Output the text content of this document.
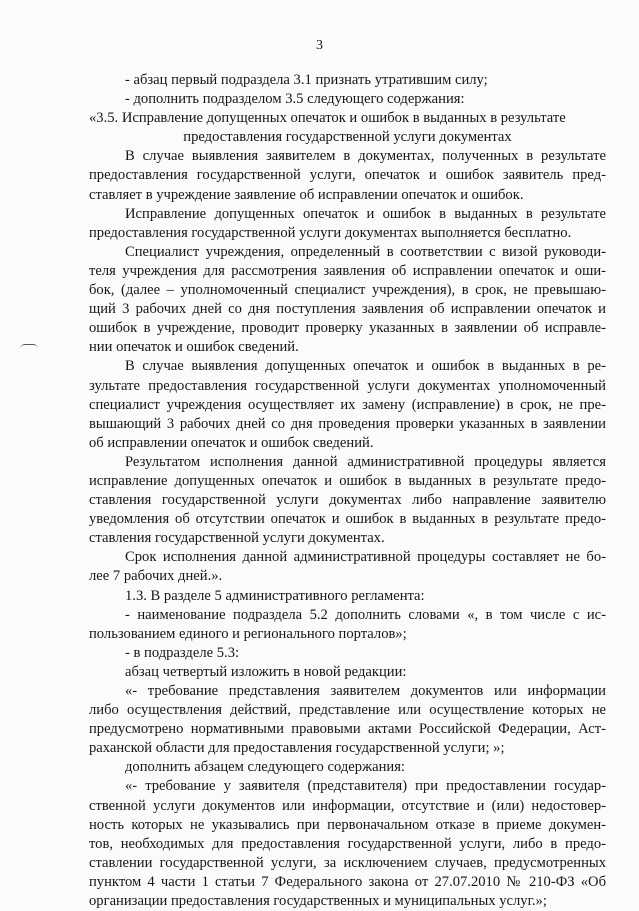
3
- абзац первый подраздела 3.1 признать утратившим силу;
- дополнить подразделом 3.5 следующего содержания:
«3.5. Исправление допущенных опечаток и ошибок в выданных в результате
предоставления государственной услуги документах
В случае выявления заявителем в документах, полученных в результате
предоставления государственной услуги, опечаток и ошибок заявитель пред-
ставляет в учреждение заявление об исправлении опечаток и ошибок.
Исправление допущенных опечаток и ошибок в выданных в результате
предоставления государственной услуги документах выполняется бесплатно.
Специалист учреждения, определенный в соответствии с визой руководи-
теля учреждения для рассмотрения заявления об исправлении опечаток и оши-
бок, (далее – уполномоченный специалист учреждения), в срок, не превышаю-
щий 3 рабочих дней со дня поступления заявления об исправлении опечаток и
ошибок в учреждение, проводит проверку указанных в заявлении об исправле-
нии опечаток и ошибок сведений.
В случае выявления допущенных опечаток и ошибок в выданных в ре-
зультате предоставления государственной услуги документах уполномоченный
специалист учреждения осуществляет их замену (исправление) в срок, не пре-
вышающий 3 рабочих дней со дня проведения проверки указанных в заявлении
об исправлении опечаток и ошибок сведений.
Результатом исполнения данной административной процедуры является
исправление допущенных опечаток и ошибок в выданных в результате предо-
ставления государственной услуги документах либо направление заявителю
уведомления об отсутствии опечаток и ошибок в выданных в результате предо-
ставления государственной услуги документах.
Срок исполнения данной административной процедуры составляет не бо-
лее 7 рабочих дней.».
1.3. В разделе 5 административного регламента:
- наименование подраздела 5.2 дополнить словами «, в том числе с ис-
пользованием единого и регионального порталов»;
- в подразделе 5.3:
абзац четвертый изложить в новой редакции:
«- требование представления заявителем документов или информации
либо осуществления действий, представление или осуществление которых не
предусмотрено нормативными правовыми актами Российской Федерации, Аст-
раханской области для предоставления государственной услуги; »;
дополнить абзацем следующего содержания:
«- требование у заявителя (представителя) при предоставлении государ-
ственной услуги документов или информации, отсутствие и (или) недостовер-
ность которых не указывались при первоначальном отказе в приеме докумен-
тов, необходимых для предоставления государственной услуги, либо в предо-
ставлении государственной услуги, за исключением случаев, предусмотренных
пунктом 4 части 1 статьи 7 Федерального закона от 27.07.2010 № 210-ФЗ «Об
организации предоставления государственных и муниципальных услуг.»;
